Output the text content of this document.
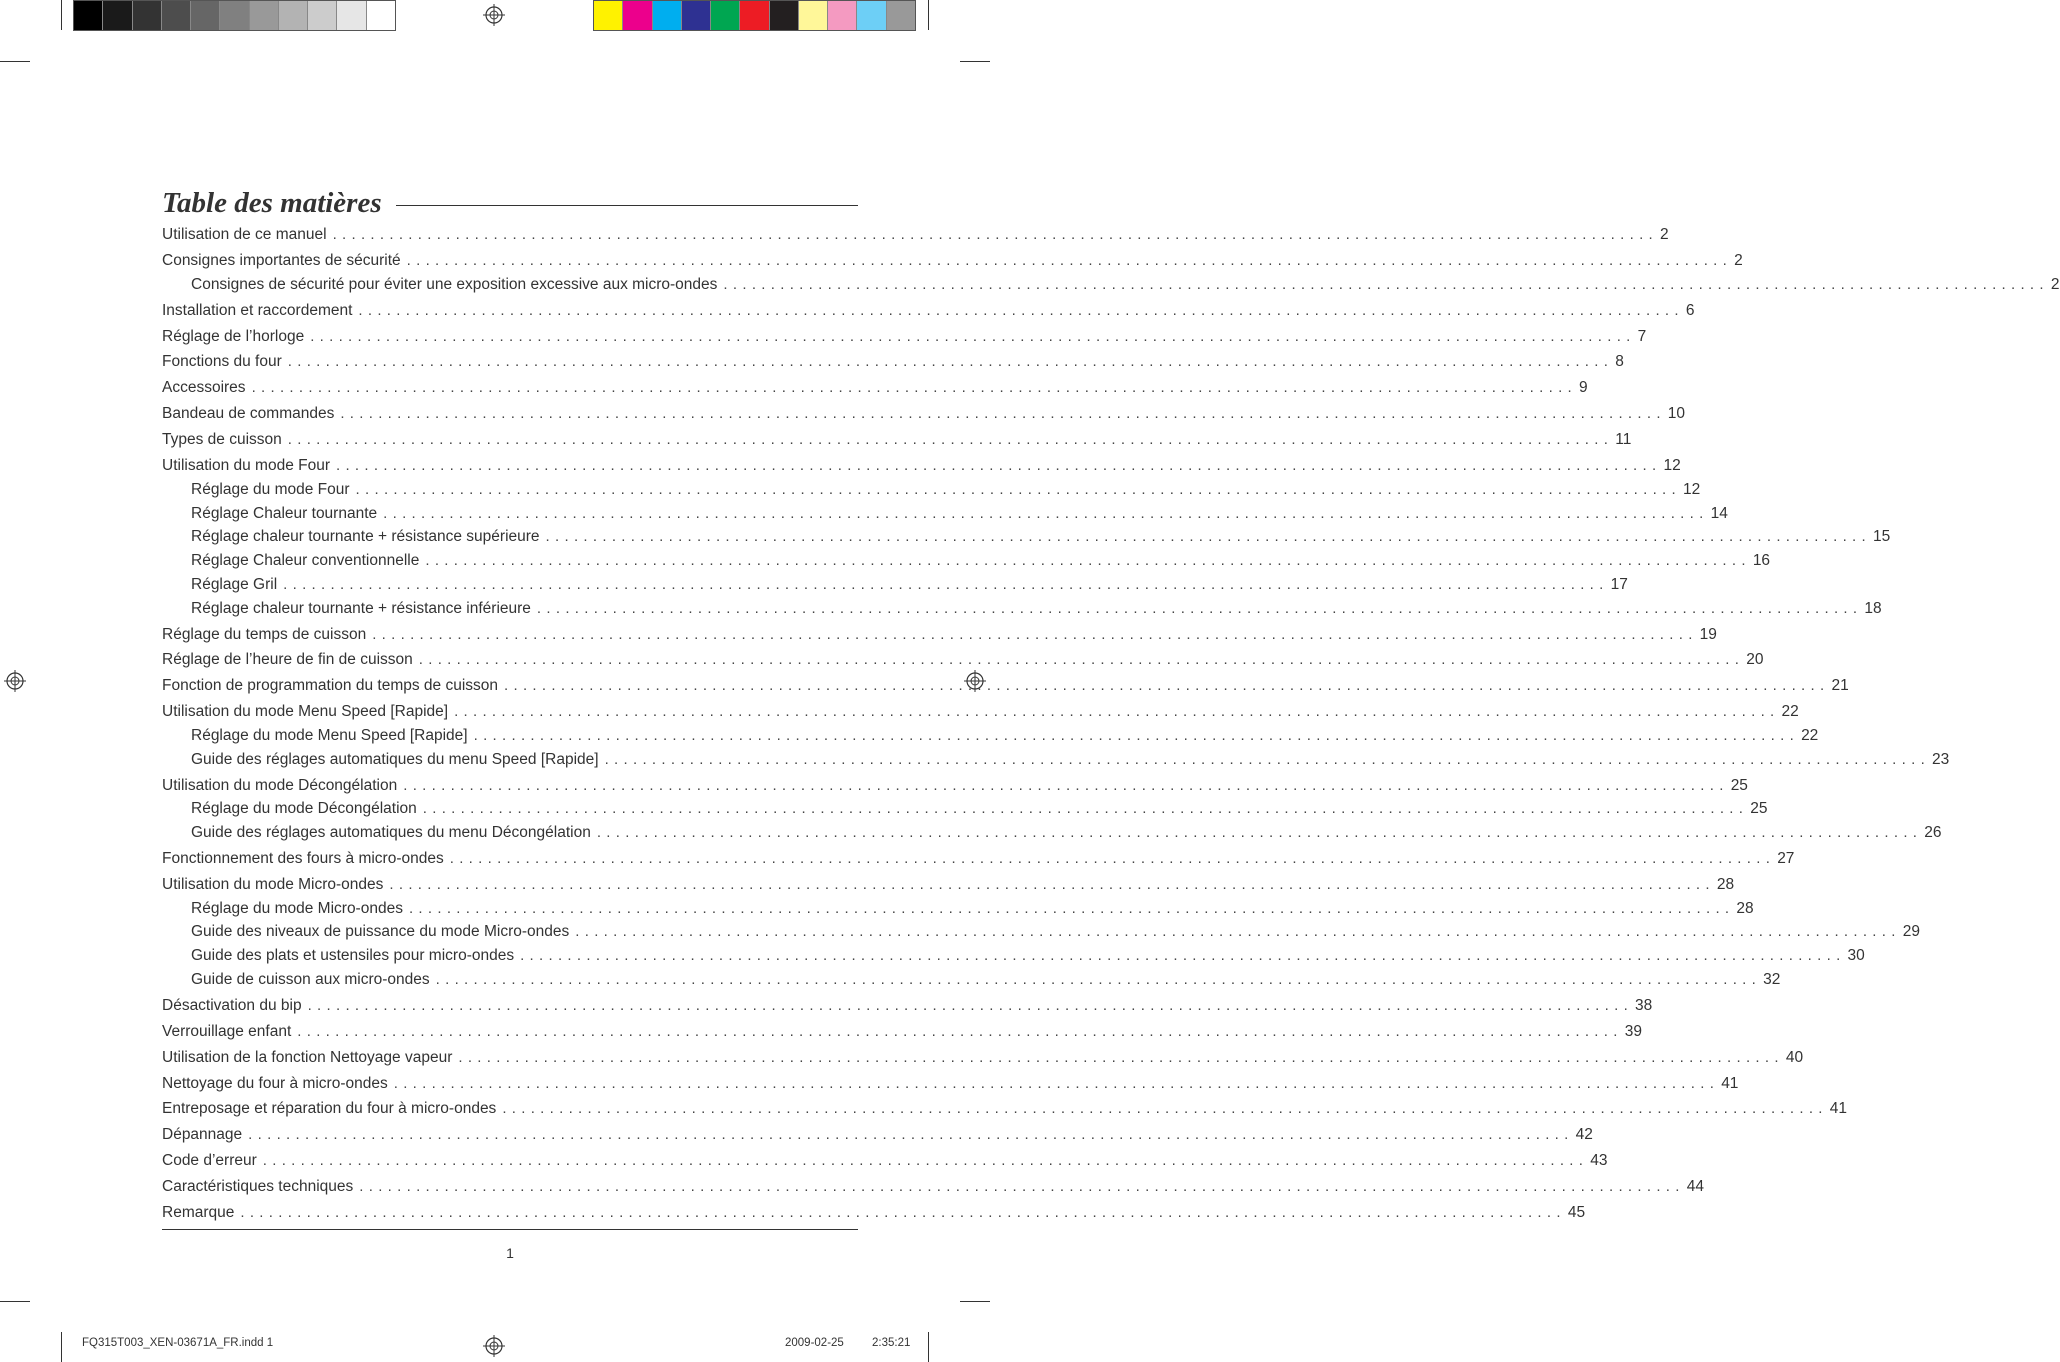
Table des matières
Utilisation de ce manuel ............................................................................................................................................ 2
Consignes importantes de sécurité ............................................................................................................................................ 2
Consignes de sécurité pour éviter une exposition excessive aux micro-ondes ............................................................................................................................................ 2
Installation et raccordement ............................................................................................................................................ 6
Réglage de l’horloge ............................................................................................................................................ 7
Fonctions du four ............................................................................................................................................ 8
Accessoires ............................................................................................................................................ 9
Bandeau de commandes ............................................................................................................................................ 10
Types de cuisson ............................................................................................................................................ 11
Utilisation du mode Four ............................................................................................................................................ 12
Réglage du mode Four ............................................................................................................................................ 12
Réglage Chaleur tournante ............................................................................................................................................ 14
Réglage chaleur tournante + résistance supérieure ............................................................................................................................................ 15
Réglage Chaleur conventionnelle ............................................................................................................................................ 16
Réglage Gril ............................................................................................................................................ 17
Réglage chaleur tournante + résistance inférieure ............................................................................................................................................ 18
Réglage du temps de cuisson ............................................................................................................................................ 19
Réglage de l’heure de fin de cuisson ............................................................................................................................................ 20
Fonction de programmation du temps de cuisson ............................................................................................................................................ 21
Utilisation du mode Menu Speed [Rapide] ............................................................................................................................................ 22
Réglage du mode Menu Speed [Rapide] ............................................................................................................................................ 22
Guide des réglages automatiques du menu Speed [Rapide] ............................................................................................................................................ 23
Utilisation du mode Décongélation ............................................................................................................................................ 25
Réglage du mode Décongélation ............................................................................................................................................ 25
Guide des réglages automatiques du menu Décongélation ............................................................................................................................................ 26
Fonctionnement des fours à micro-ondes ............................................................................................................................................ 27
Utilisation du mode Micro-ondes ............................................................................................................................................ 28
Réglage du mode Micro-ondes ............................................................................................................................................ 28
Guide des niveaux de puissance du mode Micro-ondes ............................................................................................................................................ 29
Guide des plats et ustensiles pour micro-ondes ............................................................................................................................................ 30
Guide de cuisson aux micro-ondes ............................................................................................................................................ 32
Désactivation du bip ............................................................................................................................................ 38
Verrouillage enfant ............................................................................................................................................ 39
Utilisation de la fonction Nettoyage vapeur ............................................................................................................................................ 40
Nettoyage du four à micro-ondes ............................................................................................................................................ 41
Entreposage et réparation du four à micro-ondes ............................................................................................................................................ 41
Dépannage ............................................................................................................................................ 42
Code d’erreur ............................................................................................................................................ 43
Caractéristiques techniques ............................................................................................................................................ 44
Remarque ............................................................................................................................................ 45
1
FQ315T003_XEN-03671A_FR.indd 1	2009-02-25 2:35:21
